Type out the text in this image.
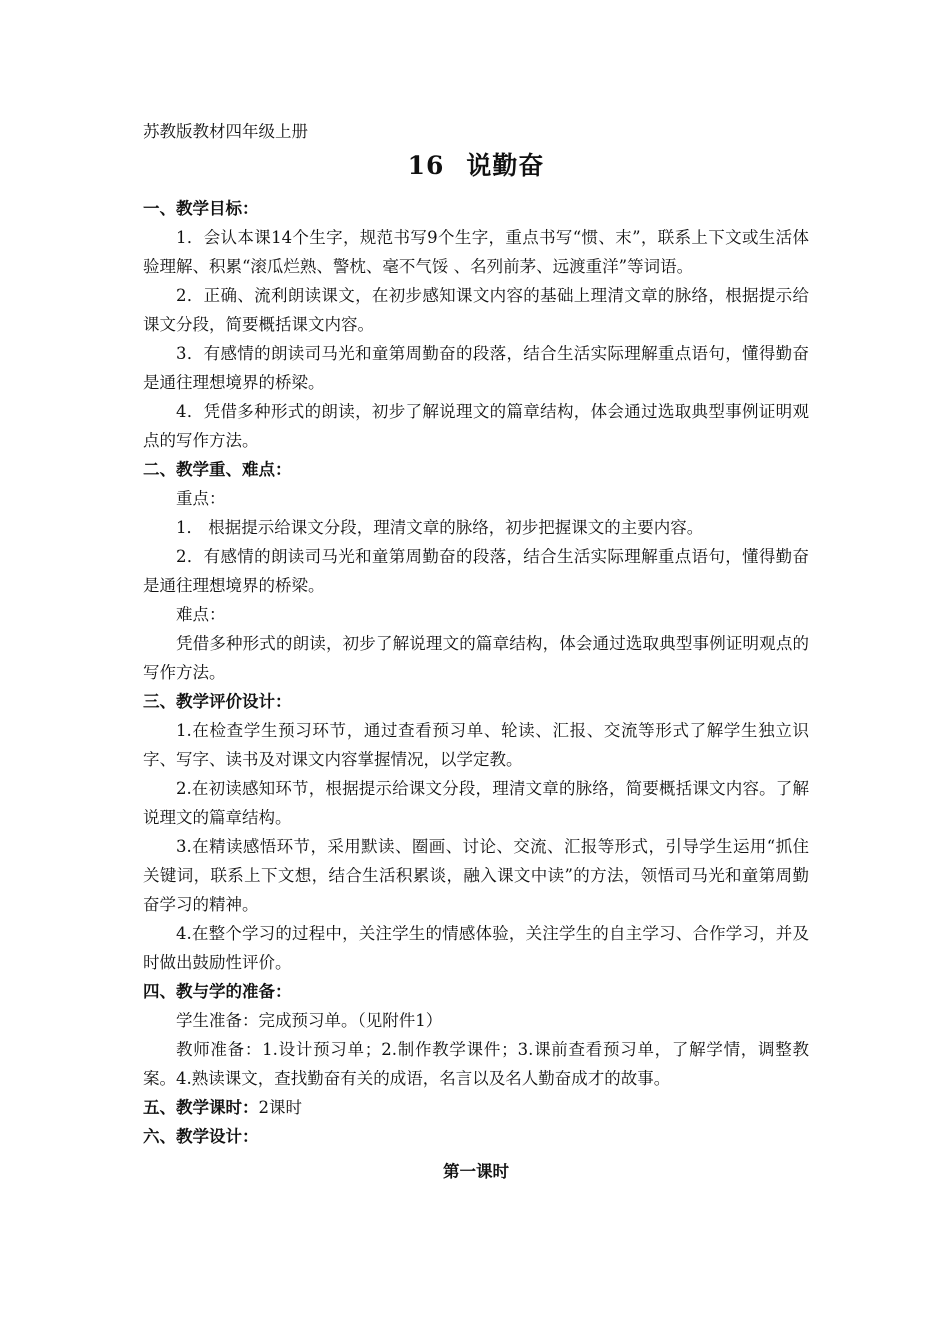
苏教版教材四年级上册

16 说勤奋

一、教学目标：

1．会认本课14个生字，规范书写9个生字，重点书写“惯、末”，联系上下文或生活体验理解、积累“滚瓜烂熟、警枕、毫不气馁 、名列前茅、远渡重洋”等词语。

2．正确、流利朗读课文，在初步感知课文内容的基础上理清文章的脉络，根据提示给课文分段，简要概括课文内容。

3．有感情的朗读司马光和童第周勤奋的段落，结合生活实际理解重点语句，懂得勤奋是通往理想境界的桥梁。

4．凭借多种形式的朗读，初步了解说理文的篇章结构，体会通过选取典型事例证明观点的写作方法。

二、教学重、难点：

重点：

1． 根据提示给课文分段，理清文章的脉络，初步把握课文的主要内容。

2．有感情的朗读司马光和童第周勤奋的段落，结合生活实际理解重点语句，懂得勤奋是通往理想境界的桥梁。

难点：

凭借多种形式的朗读，初步了解说理文的篇章结构，体会通过选取典型事例证明观点的写作方法。

三、教学评价设计：

1.在检查学生预习环节，通过查看预习单、轮读、汇报、交流等形式了解学生独立识字、写字、读书及对课文内容掌握情况，以学定教。

2.在初读感知环节，根据提示给课文分段，理清文章的脉络，简要概括课文内容。了解说理文的篇章结构。

3.在精读感悟环节，采用默读、圈画、讨论、交流、汇报等形式，引导学生运用“抓住关键词，联系上下文想，结合生活积累谈，融入课文中读”的方法，领悟司马光和童第周勤奋学习的精神。

4.在整个学习的过程中，关注学生的情感体验，关注学生的自主学习、合作学习，并及时做出鼓励性评价。

四、教与学的准备：

学生准备：完成预习单。（见附件1）

教师准备：1.设计预习单；2.制作教学课件；3.课前查看预习单，了解学情，调整教案。4.熟读课文，查找勤奋有关的成语，名言以及名人勤奋成才的故事。

五、教学课时：2课时

六、教学设计：

第一课时
